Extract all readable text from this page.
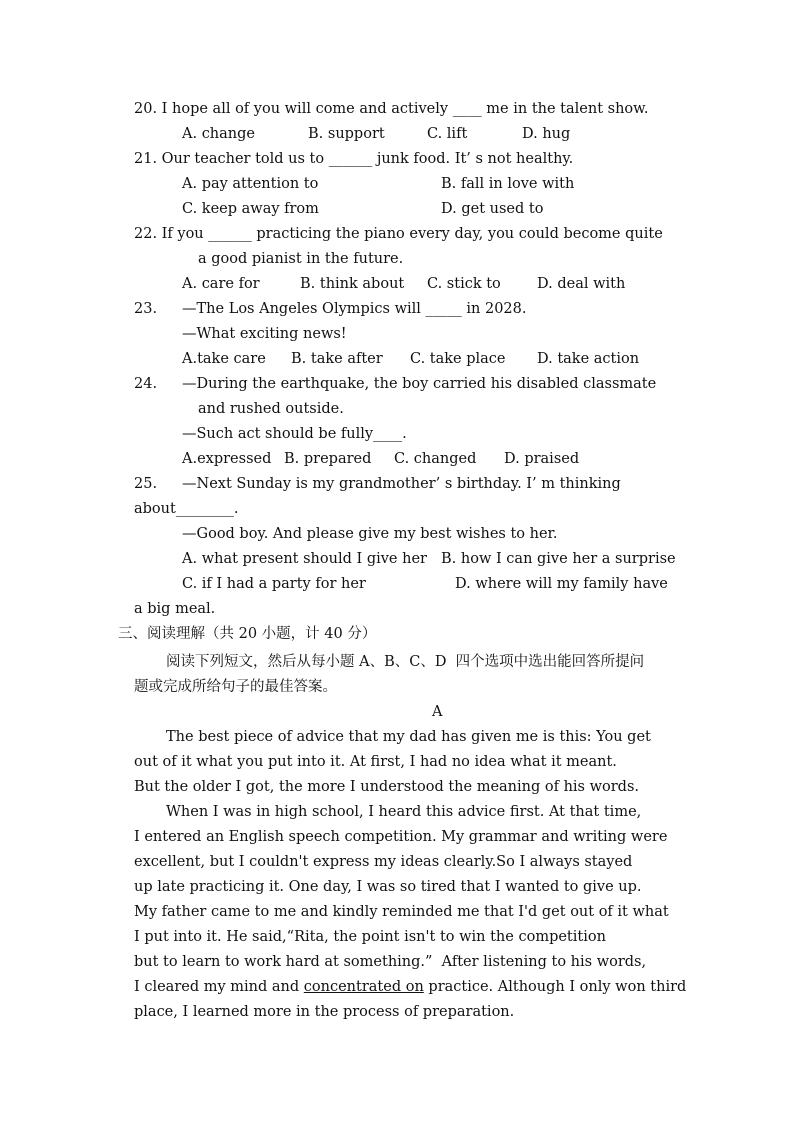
20. I hope all of you will come and actively ____ me in the talent show.
A. change	B. support	C. lift	D. hug
21. Our teacher told us to ______ junk food. It’ s not healthy.
A. pay attention to	B. fall in love with
C. keep away from	D. get used to
22. If you ______ practicing the piano every day, you could become quite
a good pianist in the future.
A. care for	B. think about C. stick to D. deal with
23. —The Los Angeles Olympics will _____ in 2028.
—What exciting news!
A.take care B. take after C. take place D. take action
24. —During the earthquake, the boy carried his disabled classmate
and rushed outside.
—Such act should be fully____.
A.expressed B. prepared C. changed D. praised
25. —Next Sunday is my grandmother’ s birthday. I’ m thinking
about________.
—Good boy. And please give my best wishes to her.
A. what present should I give her B. how I can give her a surprise
C. if I had a party for her	D. where will my family have
a big meal.
三、阅读理解（共 20 小题，计 40 分）
阅读下列短文，然后从每小题 A、B、C、D  四个选项中选出能回答所提问
题或完成所给句子的最佳答案。
A
The best piece of advice that my dad has given me is this: You get
out of it what you put into it. At first, I had no idea what it meant.
But the older I got, the more I understood the meaning of his words.
When I was in high school, I heard this advice first. At that time,
I entered an English speech competition. My grammar and writing were
excellent, but I couldn't express my ideas clearly.So I always stayed
up late practicing it. One day, I was so tired that I wanted to give up.
My father came to me and kindly reminded me that I'd get out of it what
I put into it. He said,“Rita, the point isn't to win the competition
but to learn to work hard at something.”  After listening to his words,
I cleared my mind and concentrated on practice. Although I only won third
place, I learned more in the process of preparation.
